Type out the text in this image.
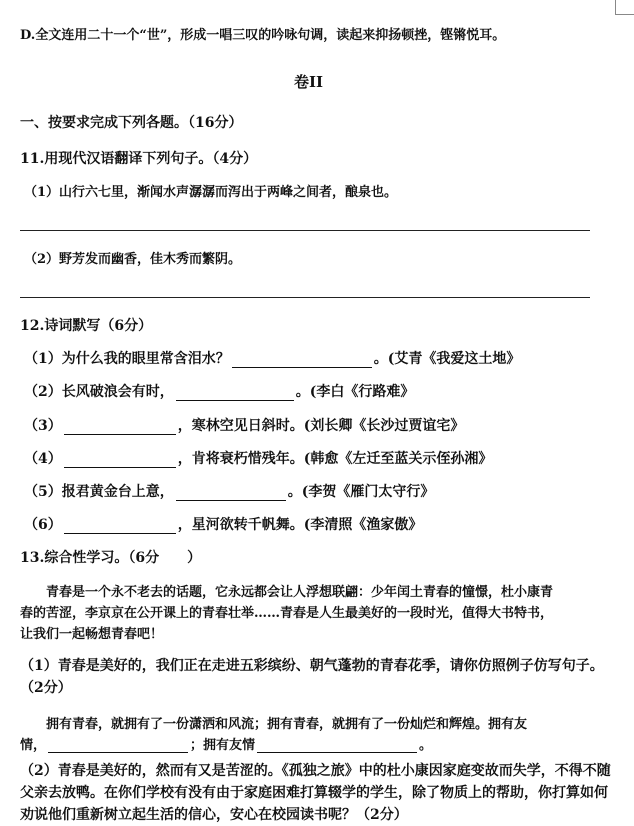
D.全文连用二十一个“世”，形成一唱三叹的吟咏句调，读起来抑扬顿挫，铿锵悦耳。
卷II
一、按要求完成下列各题。（16分）
11.用现代汉语翻译下列句子。（4分）
（1）山行六七里，渐闻水声潺潺而泻出于两峰之间者，酿泉也。
（2）野芳发而幽香，佳木秀而繁阴。
12.诗词默写（6分）
（1）为什么我的眼里常含泪水？	。(艾青《我爱这土地》
（2）长风破浪会有时，	。(李白《行路难》
（3）	，寒林空见日斜时。(刘长卿《长沙过贾谊宅》
（4）	，肯将衰朽惜残年。(韩愈《左迁至蓝关示侄孙湘》
（5）报君黄金台上意，	。(李贺《雁门太守行》
（6）	，星河欲转千帆舞。(李清照《渔家傲》
13.综合性学习。（6分　　）
　　青春是一个永不老去的话题，它永远都会让人浮想联翩：少年闰土青春的憧憬，杜小康青
春的苦涩，李京京在公开课上的青春壮举……青春是人生最美好的一段时光，值得大书特书，
让我们一起畅想青春吧！
（1）青春是美好的，我们正在走进五彩缤纷、朝气蓬勃的青春花季，请你仿照例子仿写句子。（2分）
　　拥有青春，就拥有了一份潇洒和风流；拥有青春，就拥有了一份灿烂和辉煌。拥有友
情，	；拥有友情	。
（2）青春是美好的，然而有又是苦涩的。《孤独之旅》中的杜小康因家庭变故而失学，不得不随父亲去放鸭。在你们学校有没有由于家庭困难打算辍学的学生，除了物质上的帮助，你打算如何劝说他们重新树立起生活的信心，安心在校园读书呢？（2分）
